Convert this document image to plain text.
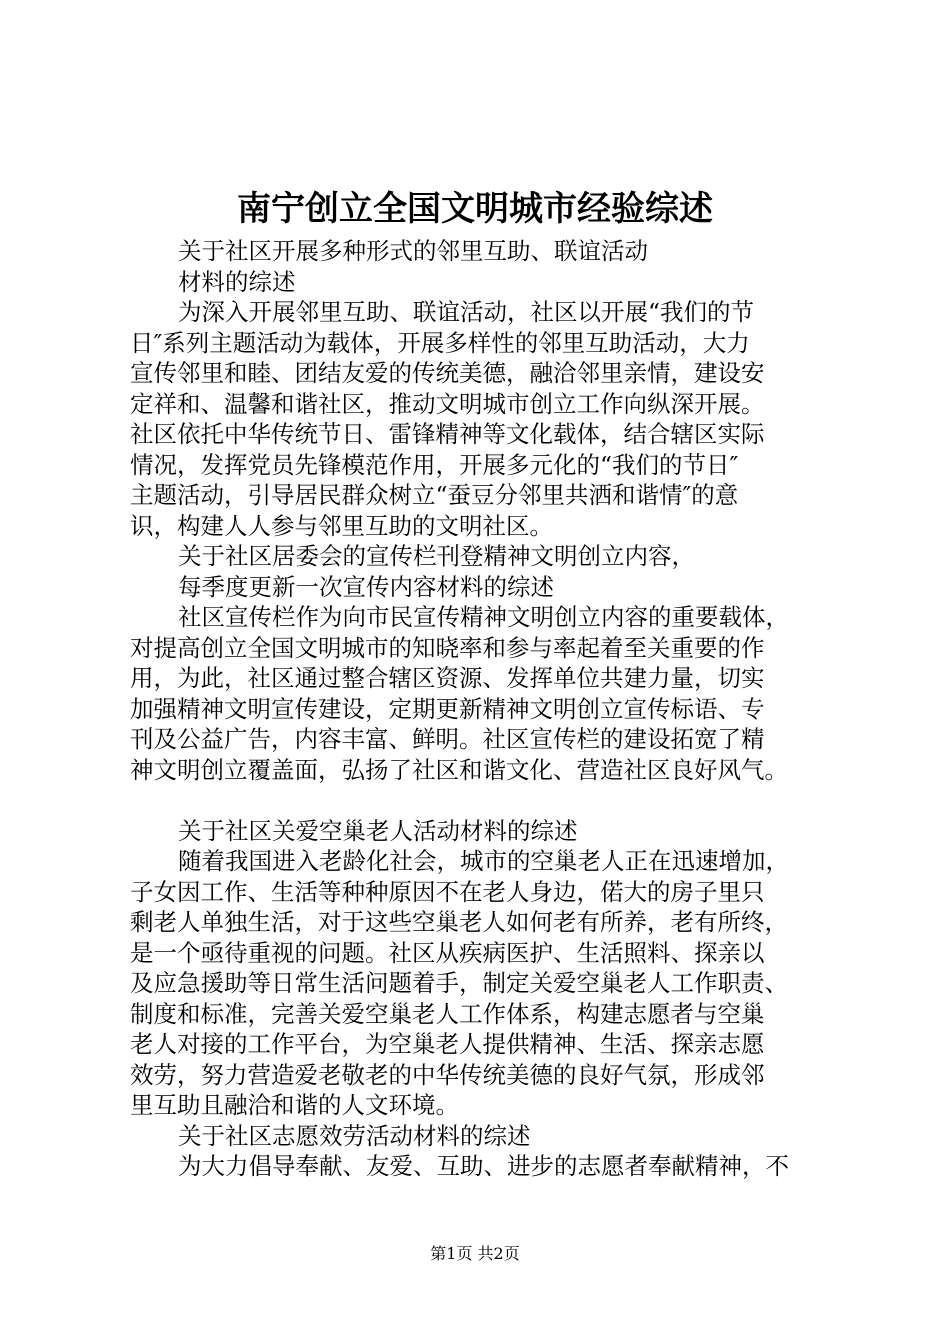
南宁创立全国文明城市经验综述
关于社区开展多种形式的邻里互助、联谊活动
材料的综述
为深入开展邻里互助、联谊活动，社区以开展“我们的节
日″系列主题活动为载体，开展多样性的邻里互助活动，大力
宣传邻里和睦、团结友爱的传统美德，融洽邻里亲情，建设安
定祥和、温馨和谐社区，推动文明城市创立工作向纵深开展。
社区依托中华传统节日、雷锋精神等文化载体，结合辖区实际
情况，发挥党员先锋模范作用，开展多元化的“我们的节日″
主题活动，引导居民群众树立“蚕豆分邻里共洒和谐情″的意
识，构建人人参与邻里互助的文明社区。
关于社区居委会的宣传栏刊登精神文明创立内容，
每季度更新一次宣传内容材料的综述
社区宣传栏作为向市民宣传精神文明创立内容的重要载体，
对提高创立全国文明城市的知晓率和参与率起着至关重要的作
用，为此，社区通过整合辖区资源、发挥单位共建力量，切实
加强精神文明宣传建设，定期更新精神文明创立宣传标语、专
刊及公益广告，内容丰富、鲜明。社区宣传栏的建设拓宽了精
神文明创立覆盖面，弘扬了社区和谐文化、营造社区良好风气。
关于社区关爱空巢老人活动材料的综述
随着我国进入老龄化社会，城市的空巢老人正在迅速增加，
子女因工作、生活等种种原因不在老人身边，偌大的房子里只
剩老人单独生活，对于这些空巢老人如何老有所养，老有所终，
是一个亟待重视的问题。社区从疾病医护、生活照料、探亲以
及应急援助等日常生活问题着手，制定关爱空巢老人工作职责、
制度和标准，完善关爱空巢老人工作体系，构建志愿者与空巢
老人对接的工作平台，为空巢老人提供精神、生活、探亲志愿
效劳，努力营造爱老敬老的中华传统美德的良好气氛，形成邻
里互助且融洽和谐的人文环境。
关于社区志愿效劳活动材料的综述
为大力倡导奉献、友爱、互助、进步的志愿者奉献精神，不
第1页 共2页
